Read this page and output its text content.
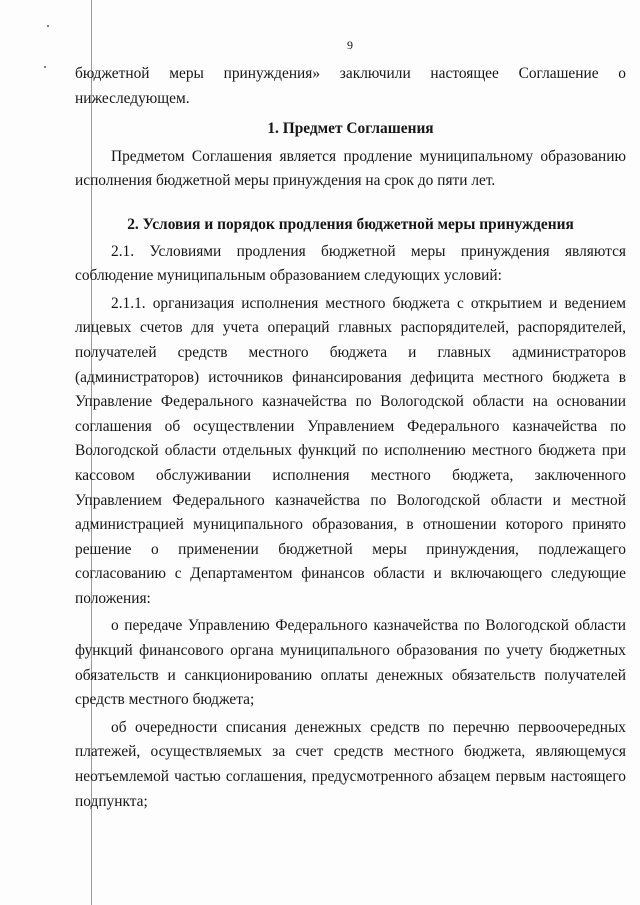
9

бюджетной меры принуждения» заключили настоящее Соглашение о нижеследующем.

1. Предмет Соглашения

Предметом Соглашения является продление муниципальному образованию исполнения бюджетной меры принуждения на срок до пяти лет.

2. Условия и порядок продления бюджетной меры принуждения

2.1. Условиями продления бюджетной меры принуждения являются соблюдение муниципальным образованием следующих условий:

2.1.1. организация исполнения местного бюджета с открытием и ведением лицевых счетов для учета операций главных распорядителей, распорядителей, получателей средств местного бюджета и главных администраторов (администраторов) источников финансирования дефицита местного бюджета в Управление Федерального казначейства по Вологодской области на основании соглашения об осуществлении Управлением Федерального казначейства по Вологодской области отдельных функций по исполнению местного бюджета при кассовом обслуживании исполнения местного бюджета, заключенного Управлением Федерального казначейства по Вологодской области и местной администрацией муниципального образования, в отношении которого принято решение о применении бюджетной меры принуждения, подлежащего согласованию с Департаментом финансов области и включающего следующие положения:

о передаче Управлению Федерального казначейства по Вологодской области функций финансового органа муниципального образования по учету бюджетных обязательств и санкционированию оплаты денежных обязательств получателей средств местного бюджета;

об очередности списания денежных средств по перечню первоочередных платежей, осуществляемых за счет средств местного бюджета, являющемуся неотъемлемой частью соглашения, предусмотренного абзацем первым настоящего подпункта;
